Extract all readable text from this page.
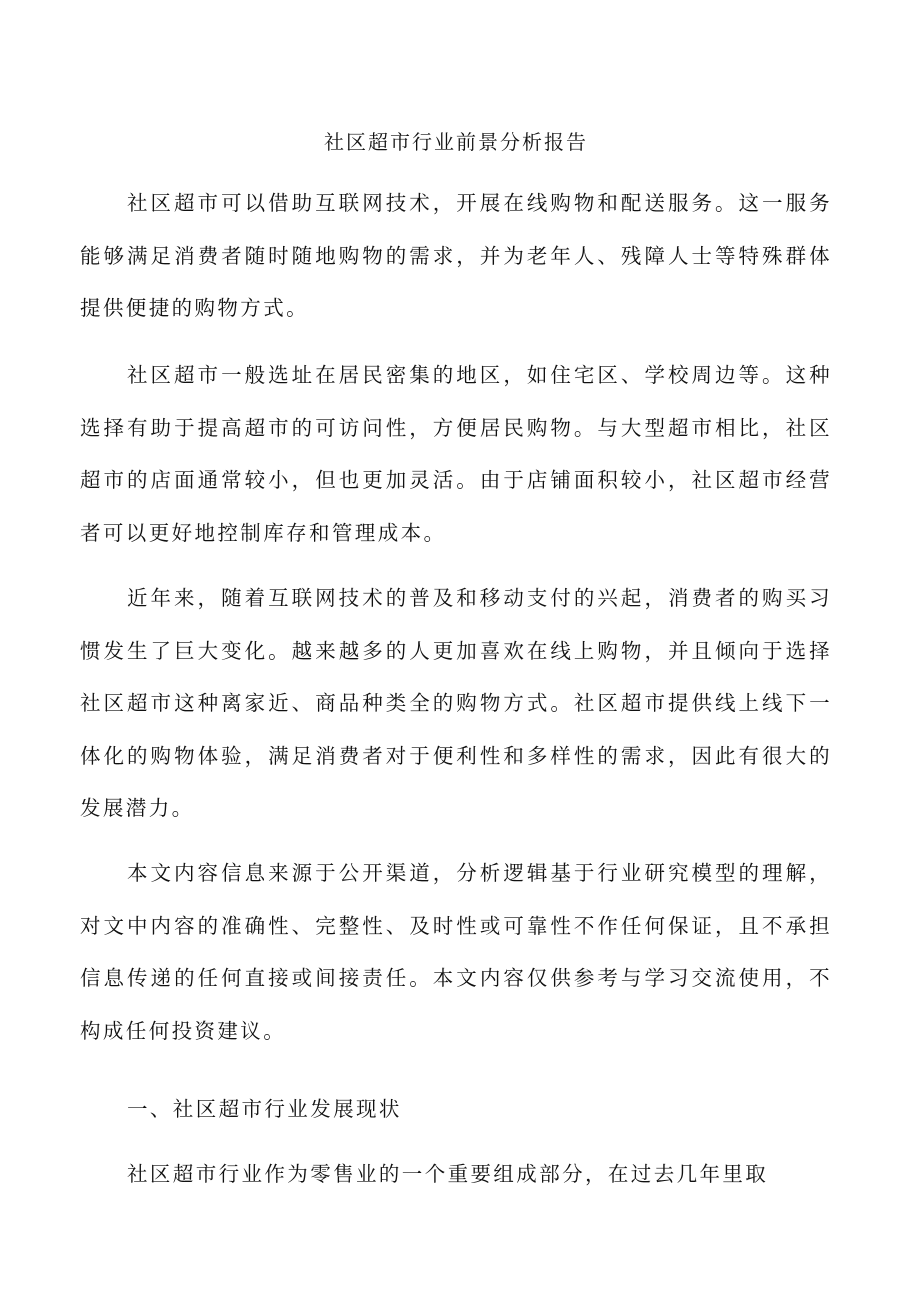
社区超市行业前景分析报告

社区超市可以借助互联网技术，开展在线购物和配送服务。这一服务能够满足消费者随时随地购物的需求，并为老年人、残障人士等特殊群体提供便捷的购物方式。

社区超市一般选址在居民密集的地区，如住宅区、学校周边等。这种选择有助于提高超市的可访问性，方便居民购物。与大型超市相比，社区超市的店面通常较小，但也更加灵活。由于店铺面积较小，社区超市经营者可以更好地控制库存和管理成本。

近年来，随着互联网技术的普及和移动支付的兴起，消费者的购买习惯发生了巨大变化。越来越多的人更加喜欢在线上购物，并且倾向于选择社区超市这种离家近、商品种类全的购物方式。社区超市提供线上线下一体化的购物体验，满足消费者对于便利性和多样性的需求，因此有很大的发展潜力。

本文内容信息来源于公开渠道，分析逻辑基于行业研究模型的理解，对文中内容的准确性、完整性、及时性或可靠性不作任何保证，且不承担信息传递的任何直接或间接责任。本文内容仅供参考与学习交流使用，不构成任何投资建议。

一、社区超市行业发展现状

社区超市行业作为零售业的一个重要组成部分，在过去几年里取
